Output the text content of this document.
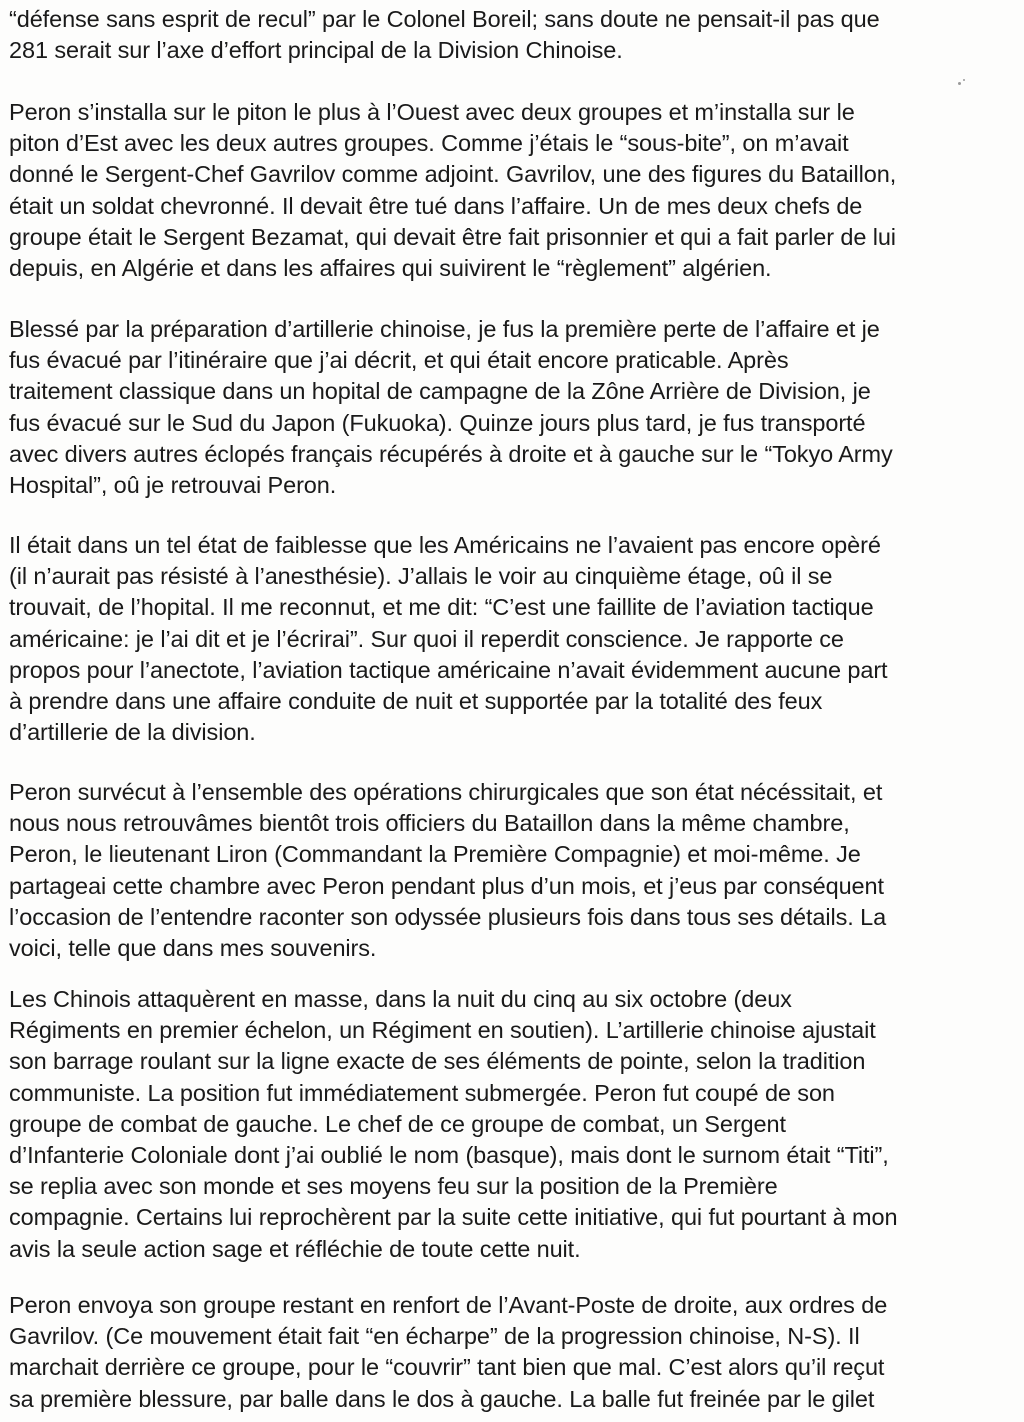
“défense sans esprit de recul” par le Colonel Boreil; sans doute ne pensait-il pas que
281 serait sur l’axe d’effort principal de la Division Chinoise.
Peron s’installa sur le piton le plus à l’Ouest avec deux groupes et m’installa sur le
piton d’Est avec les deux autres groupes. Comme j’étais le “sous-bite”, on m’avait
donné le Sergent-Chef Gavrilov comme adjoint. Gavrilov, une des figures du Bataillon,
était un soldat chevronné. Il devait être tué dans l’affaire. Un de mes deux chefs de
groupe était le Sergent Bezamat, qui devait être fait prisonnier et qui a fait parler de lui
depuis, en Algérie et dans les affaires qui suivirent le “règlement” algérien.
Blessé par la préparation d’artillerie chinoise, je fus la première perte de l’affaire et je
fus évacué par l’itinéraire que j’ai décrit, et qui était encore praticable. Après
traitement classique dans un hopital de campagne de la Zône Arrière de Division, je
fus évacué sur le Sud du Japon (Fukuoka). Quinze jours plus tard, je fus transporté
avec divers autres éclopés français récupérés à droite et à gauche sur le “Tokyo Army
Hospital”, oû je retrouvai Peron.
Il était dans un tel état de faiblesse que les Américains ne l’avaient pas encore opèré
(il n’aurait pas résisté à l’anesthésie). J’allais le voir au cinquième étage, oû il se
trouvait, de l’hopital. Il me reconnut, et me dit: “C’est une faillite de l’aviation tactique
américaine: je l’ai dit et je l’écrirai”. Sur quoi il reperdit conscience. Je rapporte ce
propos pour l’anectote, l’aviation tactique américaine n’avait évidemment aucune part
à prendre dans une affaire conduite de nuit et supportée par la totalité des feux
d’artillerie de la division.
Peron survécut à l’ensemble des opérations chirurgicales que son état nécéssitait, et
nous nous retrouvâmes bientôt trois officiers du Bataillon dans la même chambre,
Peron, le lieutenant Liron (Commandant la Première Compagnie) et moi-même. Je
partageai cette chambre avec Peron pendant plus d’un mois, et j’eus par conséquent
l’occasion de l’entendre raconter son odyssée plusieurs fois dans tous ses détails. La
voici, telle que dans mes souvenirs.
Les Chinois attaquèrent en masse, dans la nuit du cinq au six octobre (deux
Régiments en premier échelon, un Régiment en soutien). L’artillerie chinoise ajustait
son barrage roulant sur la ligne exacte de ses éléments de pointe, selon la tradition
communiste. La position fut immédiatement submergée. Peron fut coupé de son
groupe de combat de gauche. Le chef de ce groupe de combat, un Sergent
d’Infanterie Coloniale dont j’ai oublié le nom (basque), mais dont le surnom était “Titi”,
se replia avec son monde et ses moyens feu sur la position de la Première
compagnie. Certains lui reprochèrent par la suite cette initiative, qui fut pourtant à mon
avis la seule action sage et réfléchie de toute cette nuit.
Peron envoya son groupe restant en renfort de l’Avant-Poste de droite, aux ordres de
Gavrilov. (Ce mouvement était fait “en écharpe” de la progression chinoise, N-S). Il
marchait derrière ce groupe, pour le “couvrir” tant bien que mal. C’est alors qu’il reçut
sa première blessure, par balle dans le dos à gauche. La balle fut freinée par le gilet
